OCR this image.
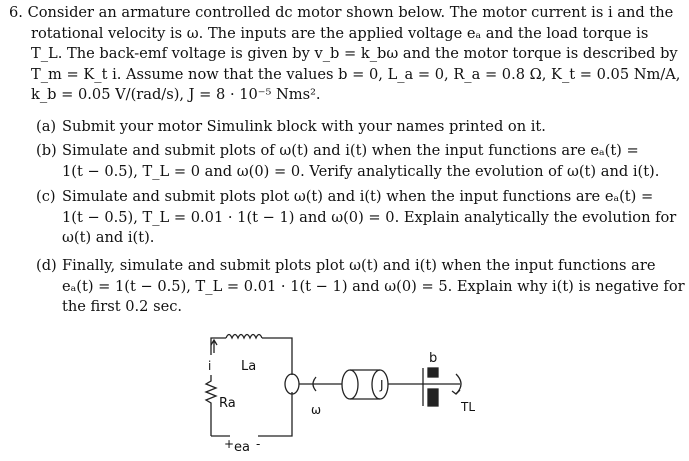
6. Consider an armature controlled dc motor shown below. The motor current is i and the
rotational velocity is ω. The inputs are the applied voltage eₐ and the load torque is
T_L. The back-emf voltage is given by v_b = k_bω and the motor torque is described by
T_m = K_t i. Assume now that the values b = 0, L_a = 0, R_a = 0.8 Ω, K_t = 0.05 Nm/A,
k_b = 0.05 V/(rad/s), J = 8 · 10⁻⁵ Nms².
(a) Submit your motor Simulink block with your names printed on it.
(b) Simulate and submit plots of ω(t) and i(t) when the input functions are eₐ(t) =
1(t − 0.5), T_L = 0 and ω(0) = 0. Verify analytically the evolution of ω(t) and i(t).
(c) Simulate and submit plots plot ω(t) and i(t) when the input functions are eₐ(t) =
1(t − 0.5), T_L = 0.01 · 1(t − 1) and ω(0) = 0. Explain analytically the evolution for
ω(t) and i(t).
(d) Finally, simulate and submit plots plot ω(t) and i(t) when the input functions are
eₐ(t) = 1(t − 0.5), T_L = 0.01 · 1(t − 1) and ω(0) = 5. Explain why i(t) is negative for
the first 0.2 sec.
i La
Ra
+ ea -
ω
J
b
TL
